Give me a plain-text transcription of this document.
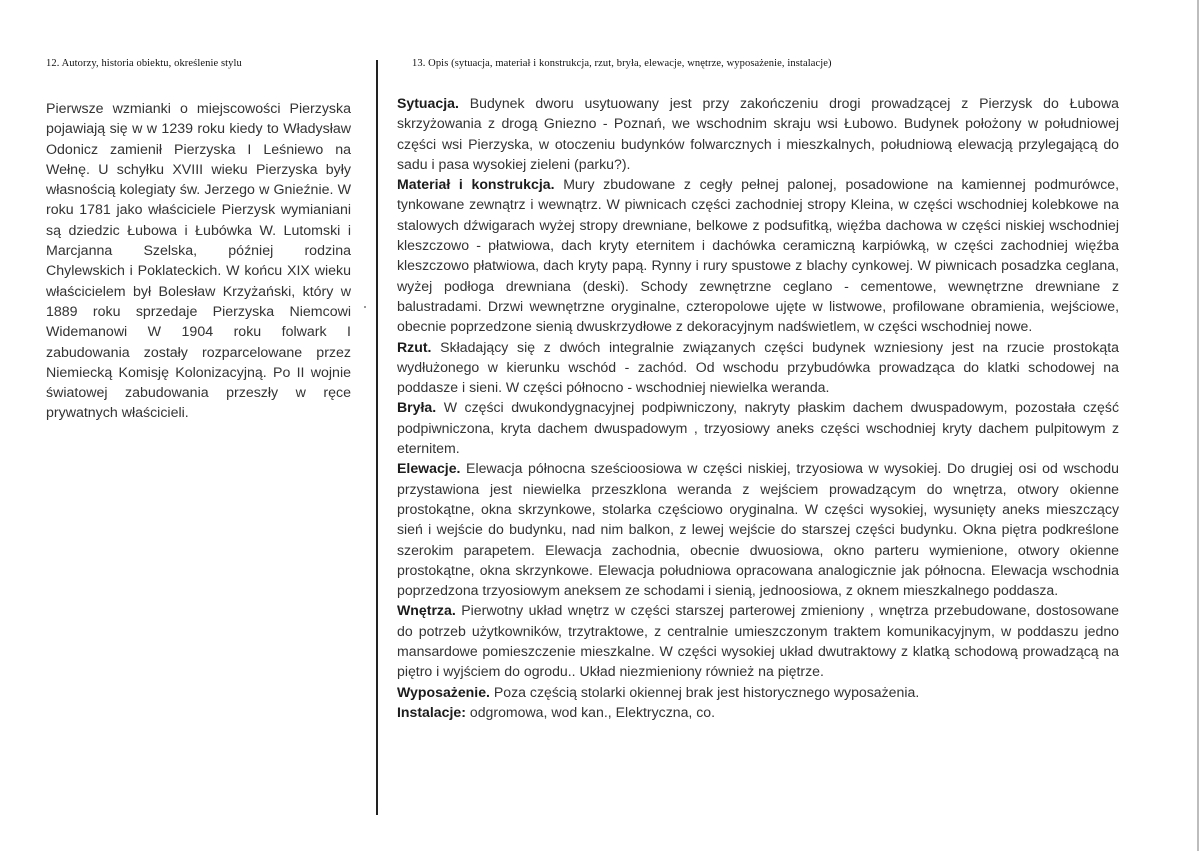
12. Autorzy, historia obiektu, określenie stylu
Pierwsze wzmianki o miejscowości Pierzyska pojawiają się w w 1239 roku kiedy to Władysław Odonicz zamienił Pierzyska I Leśniewo na Wełnę. U schyłku XVIII wieku Pierzyska były własnością kolegiaty św. Jerzego w Gnieźnie. W roku 1781 jako właściciele Pierzysk wymianiani są dziedzic Łubowa i Łubówka W. Lutomski i Marcjanna Szelska, później rodzina Chylewskich i Poklateckich. W końcu XIX wieku właścicielem był Bolesław Krzyżański, który w 1889 roku sprzedaje Pierzyska Niemcowi Widemanowi W 1904 roku folwark I zabudowania zostały rozparcelowane przez Niemiecką Komisję Kolonizacyjną. Po II wojnie światowej zabudowania przeszły w ręce prywatnych właścicieli.
13. Opis (sytuacja, materiał i konstrukcja, rzut, bryła, elewacje, wnętrze, wyposażenie, instalacje)

Sytuacja. Budynek dworu usytuowany jest przy zakończeniu drogi prowadzącej z Pierzysk do Łubowa skrzyżowania z drogą Gniezno - Poznań, we wschodnim skraju wsi Łubowo. Budynek położony w południowej części wsi Pierzyska, w otoczeniu budynków folwarcznych i mieszkalnych, południową elewacją przylegającą do sadu i pasa wysokiej zieleni (parku?).

Materiał i konstrukcja. Mury zbudowane z cegły pełnej palonej, posadowione na kamiennej podmurówce, tynkowane zewnątrz i wewnątrz. W piwnicach części zachodniej stropy Kleina, w części wschodniej kolebkowe na stalowych dźwigarach wyżej stropy drewniane, belkowe z podsufitką, więźba dachowa w części niskiej wschodniej kleszczowo - płatwiowa, dach kryty eternitem i dachówka ceramiczną karpiówką, w części zachodniej więźba kleszczowo płatwiowa, dach kryty papą. Rynny i rury spustowe z blachy cynkowej. W piwnicach posadzka ceglana, wyżej podłoga drewniana (deski). Schody zewnętrzne ceglano - cementowe, wewnętrzne drewniane z balustradami. Drzwi wewnętrzne oryginalne, czteropolowe ujęte w listwowe, profilowane obramienia, wejściowe, obecnie poprzedzone sienią dwuskrzydłowe z dekoracyjnym nadświetlem, w części wschodniej nowe.

Rzut. Składający się z dwóch integralnie związanych części budynek wzniesiony jest na rzucie prostokąta wydłużonego w kierunku wschód - zachód. Od wschodu przybudówka prowadząca do klatki schodowej na poddasze i sieni. W części północno - wschodniej niewielka weranda.

Bryła. W części dwukondygnacyjnej podpiwniczony, nakryty płaskim dachem dwuspadowym, pozostała część podpiwniczona, kryta dachem dwuspadowym , trzyosiowy aneks części wschodniej kryty dachem pulpitowym z eternitem.

Elewacje. Elewacja północna sześcioosiowa w części niskiej, trzyosiowa w wysokiej. Do drugiej osi od wschodu przystawiona jest niewielka przeszklona weranda z wejściem prowadzącym do wnętrza, otwory okienne prostokątne, okna skrzynkowe, stolarka częściowo oryginalna. W części wysokiej, wysunięty aneks mieszczący sień i wejście do budynku, nad nim balkon, z lewej wejście do starszej części budynku. Okna piętra podkreślone szerokim parapetem. Elewacja zachodnia, obecnie dwuosiowa, okno parteru wymienione, otwory okienne prostokątne, okna skrzynkowe. Elewacja południowa opracowana analogicznie jak północna. Elewacja wschodnia poprzedzona trzyosiowym aneksem ze schodami i sienią, jednoosiowa, z oknem mieszkalnego poddasza.

Wnętrza. Pierwotny układ wnętrz w części starszej parterowej zmieniony , wnętrza przebudowane, dostosowane do potrzeb użytkowników, trzytraktowe, z centralnie umieszczonym traktem komunikacyjnym, w poddaszu jedno mansardowe pomieszczenie mieszkalne. W części wysokiej układ dwutraktowy z klatką schodową prowadzącą na piętro i wyjściem do ogrodu.. Układ niezmieniony również na piętrze.

Wyposażenie. Poza częścią stolarki okiennej brak jest historycznego wyposażenia.

Instalacje: odgromowa, wod kan., Elektryczna, co.
